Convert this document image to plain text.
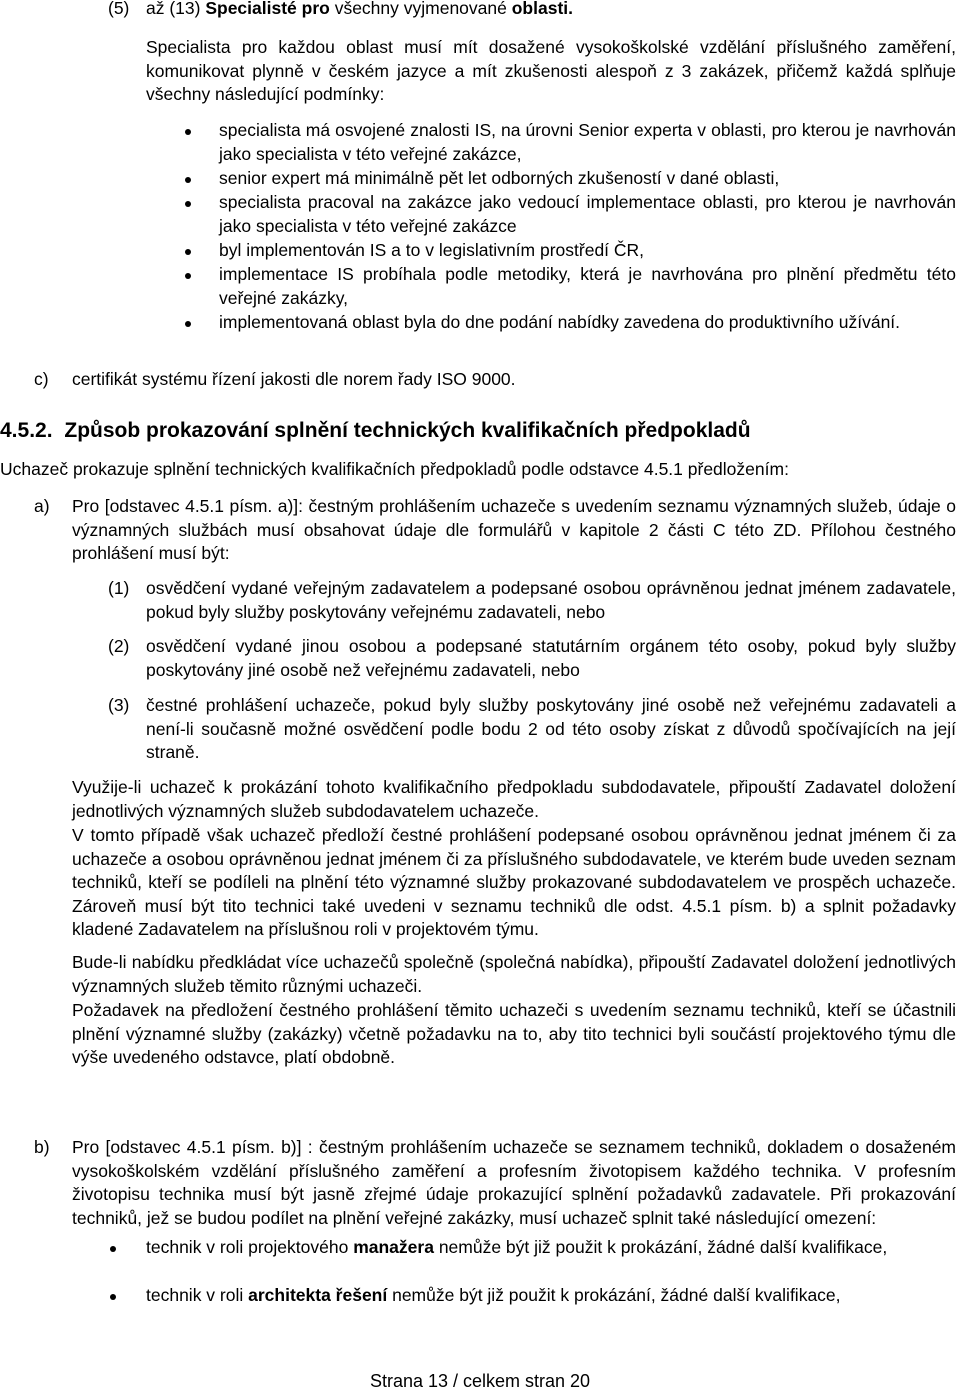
(5) až (13) Specialisté pro všechny vyjmenované oblasti.

Specialista pro každou oblast musí mít dosažené vysokoškolské vzdělání příslušného zaměření, komunikovat plynně v českém jazyce a mít zkušenosti alespoň z 3 zakázek, přičemž každá splňuje všechny následující podmínky:

specialista má osvojené znalosti IS, na úrovni Senior experta v oblasti, pro kterou je navrhován jako specialista v této veřejné zakázce,

senior expert má minimálně pět let odborných zkušeností v dané oblasti,

specialista pracoval na zakázce jako vedoucí implementace oblasti, pro kterou je navrhován jako specialista v této veřejné zakázce

byl implementován IS a to v legislativním prostředí ČR,

implementace IS probíhala podle metodiky, která je navrhována pro plnění předmětu této veřejné zakázky,

implementovaná oblast byla do dne podání nabídky zavedena do produktivního užívání.

c) certifikát systému řízení jakosti dle norem řady ISO 9000.

4.5.2. Způsob prokazování splnění technických kvalifikačních předpokladů

Uchazeč prokazuje splnění technických kvalifikačních předpokladů podle odstavce 4.5.1 předložením:

a) Pro [odstavec 4.5.1 písm. a)]: čestným prohlášením uchazeče s uvedením seznamu významných služeb, údaje o významných službách musí obsahovat údaje dle formulářů v kapitole 2 části C této ZD. Přílohou čestného prohlášení musí být:

(1) osvědčení vydané veřejným zadavatelem a podepsané osobou oprávněnou jednat jménem zadavatele, pokud byly služby poskytovány veřejnému zadavateli, nebo

(2) osvědčení vydané jinou osobou a podepsané statutárním orgánem této osoby, pokud byly služby poskytovány jiné osobě než veřejnému zadavateli, nebo

(3) čestné prohlášení uchazeče, pokud byly služby poskytovány jiné osobě než veřejnému zadavateli a není-li současně možné osvědčení podle bodu 2 od této osoby získat z důvodů spočívajících na její straně.

Využije-li uchazeč k prokázání tohoto kvalifikačního předpokladu subdodavatele, připouští Zadavatel doložení jednotlivých významných služeb subdodavatelem uchazeče.

V tomto případě však uchazeč předloží čestné prohlášení podepsané osobou oprávněnou jednat jménem či za uchazeče a osobou oprávněnou jednat jménem či za příslušného subdodavatele, ve kterém bude uveden seznam techniků, kteří se podíleli na plnění této významné služby prokazované subdodavatelem ve prospěch uchazeče. Zároveň musí být tito technici také uvedeni v seznamu techniků dle odst. 4.5.1 písm. b) a splnit požadavky kladené Zadavatelem na příslušnou roli v projektovém týmu.

Bude-li nabídku předkládat více uchazečů společně (společná nabídka), připouští Zadavatel doložení jednotlivých významných služeb těmito různými uchazeči.

Požadavek na předložení čestného prohlášení těmito uchazeči s uvedením seznamu techniků, kteří se účastnili plnění významné služby (zakázky) včetně požadavku na to, aby tito technici byli součástí projektového týmu dle výše uvedeného odstavce, platí obdobně.

b) Pro [odstavec 4.5.1 písm. b)] : čestným prohlášením uchazeče se seznamem techniků, dokladem o dosaženém vysokoškolském vzdělání příslušného zaměření a profesním životopisem každého technika. V profesním životopisu technika musí být jasně zřejmé údaje prokazující splnění požadavků zadavatele. Při prokazování techniků, jež se budou podílet na plnění veřejné zakázky, musí uchazeč splnit také následující omezení:

technik v roli projektového manažera nemůže být již použit k prokázání, žádné další kvalifikace,

technik v roli architekta řešení nemůže být již použit k prokázání, žádné další kvalifikace,

Strana 13 / celkem stran 20
